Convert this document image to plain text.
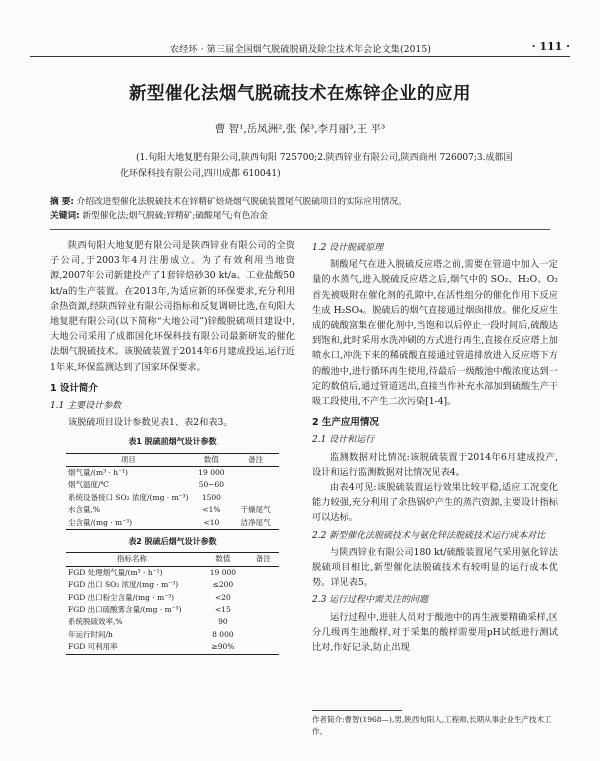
农经环 · 第三届全国烟气脱硫脱硝及除尘技术年会论文集(2015)	· 111 ·
新型催化法烟气脱硫技术在炼锌企业的应用
曹 智¹,岳凤洲²,张 保³,李月丽³,王 平³
(1.旬阳大地复肥有限公司,陕西旬阳 725700;2.陕西锌业有限公司,陕西商州 726007;3.成都国化环保科技有限公司,四川成都 610041)
摘 要: 介绍改进型催化法脱硫技术在锌精矿焙烧烟气脱硫装置尾气脱硫项目的实际应用情况。
关键词: 新型催化法;烟气脱硫;锌精矿;硫酸尾气;有色冶金

陕西旬阳大地复肥有限公司是陕西锌业有限公司的全资子公司,于2003年4月注册成立。为了有效利用当地资源,2007年公司新建投产了1套锌焙砂30 kt/a、工业盐酸50 kt/a的生产装置。在2013年,为适应新的环保要求,充分利用余热资源,经陕西锌业有限公司指标和反复调研比选,在旬阳大地复肥有限公司(以下简称“大地公司”)锌酸脱硫项目建设中,大地公司采用了成都国化环保科技有限公司最新研发的催化法烟气脱硫技术。该脱硫装置于2014年6月建成投运,运行近1年来,环保监测达到了国家环保要求。

1 设计简介
1.1 主要设计参数

该脱硫项目设计参数见表1、表2和表3。

表1 脱硫前烟气设计参数
项目	数值	备注
烟气量/(m³ · h⁻¹)	19 000	
烟气温度/℃	50~60	
系统设备接口 SO₂ 浓度/(mg · m⁻³)	1500	
水含量,%	<1%	干燥尾气
尘含量/(mg · m⁻³)	<10	洁净尾气
表2 脱硫后烟气设计参数
指标名称	数值	备注
FGD 处理烟气量/(m³ · h⁻¹)	19 000	
FGD 出口 SO₂ 浓度/(mg · m⁻³)	≤200	
FGD 出口粉尘含量/(mg · m⁻³)	<20	
FGD 出口硫酸雾含量/(mg · m⁻³)	<15	
系统脱硫效率,%	90	
年运行时间/h	8 000	
FGD 可利用率	≥90%	
1.2 设计脱硫原理

制酸尾气在进入脱硫反应塔之前,需要在管道中加入一定量的水蒸气,进入脱硫反应塔之后,烟气中的 SO₂、H₂O、O₂ 首先被吸附在催化剂的孔隙中,在活性组分的催化作用下反应生成 H₂SO₄。脱硫后的烟气直接通过烟囱排放。催化反应生成的硫酸富集在催化剂中,当饱和以后停止一段时间后,硫酸达到饱和,此时采用水洗冲刷的方式进行再生,直接在反应塔上加喷水口,冲洗下来的稀硫酸直接通过管道排放进入反应塔下方的酸池中,进行循环再生使用,待最后一级酸池中酸浓度达到一定的数值后,通过管道送出,直接当作补充水部加到硫酸生产干吸工段使用,不产生二次污染[1-4]。

2 生产应用情况
2.1 设计和运行

监测数据对比情况:该脱硫装置于2014年6月建成投产,设计和运行监测数据对比情况见表4。

由表4可见:该脱硫装置运行效果比较平稳,适应工况变化能力较强,充分利用了余热锅炉产生的蒸汽资源,主要设计指标可以达标。

2.2 新型催化法脱硫技术与氨化锌法脱硫技术运行成本对比

与陕西锌业有限公司180 kt/硫酸装置尾气采用氨化锌法脱硫项目相比,新型催化法脱硫技术有较明显的运行成本优势。详见表5。

2.3 运行过程中需关注的问题

运行过程中,进驻人员对于酸池中的再生液要精确采样,区分几级再生池酸样,对于采集的酸样需要用pH试纸进行测试比对,作好记录,防止出现

作者简介:曹智(1968—),男,陕西旬阳人,工程师,长期从事企业生产技术工作。
